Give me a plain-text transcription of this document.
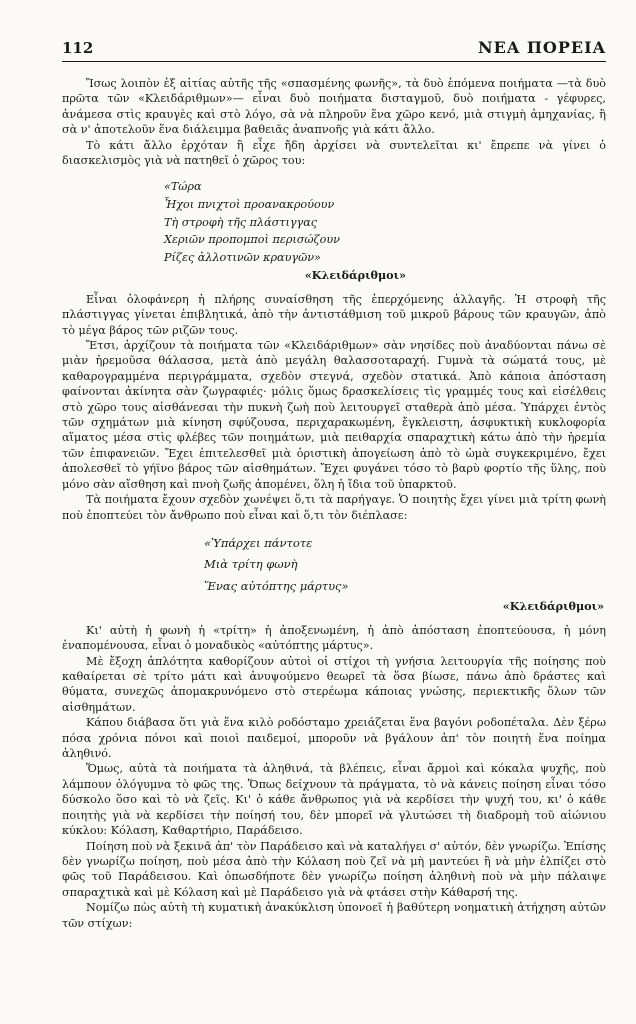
112	ΝΕΑ ΠΟΡΕΙΑ

Ἴσως λοιπὸν ἐξ αἰτίας αὐτῆς τῆς «σπασμένης φωνῆς», τὰ δυὸ ἑπόμενα ποιήματα —τὰ δυὸ πρῶτα τῶν «Κλειδάριθμων»— εἶναι δυὸ ποιήματα δισταγμοῦ, δυὸ ποιήματα - γέφυρες, ἀνάμεσα στὶς κραυγὲς καὶ στὸ λόγο, σὰ νὰ πληροῦν ἕνα χῶρο κενό, μιὰ στιγμὴ ἀμηχανίας, ἢ σὰ ν' ἀποτελοῦν ἕνα διάλειμμα βαθειᾶς ἀναπνοῆς γιὰ κάτι ἄλλο.

Τὸ κάτι ἄλλο ἐρχόταν ἢ εἶχε ἤδη ἀρχίσει νὰ συντελεῖται κι' ἔπρεπε νὰ γίνει ὁ διασκελισμὸς γιὰ νὰ πατηθεῖ ὁ χῶρος του:

«Τώρα
Ἦχοι πνιχτοὶ προανακρούουν
Τὴ στροφὴ τῆς πλάστιγγας
Χεριῶν προπομποὶ περισώζουν
Ρίζες ἀλλοτινῶν κραυγῶν»
«Κλειδάριθμοι»

Εἶναι ὁλοφάνερη ἡ πλήρης συναίσθηση τῆς ἐπερχόμενης ἀλλαγῆς. Ἡ στροφὴ τῆς πλάστιγγας γίνεται ἐπιβλητικά, ἀπὸ τὴν ἀντιστάθμιση τοῦ μικροῦ βάρους τῶν κραυγῶν, ἀπὸ τὸ μέγα βάρος τῶν ριζῶν τους.

Ἔτσι, ἀρχίζουν τὰ ποιήματα τῶν «Κλειδάριθμων» σὰν νησίδες ποὺ ἀναδύονται πάνω σὲ μιὰν ἠρεμοῦσα θάλασσα, μετὰ ἀπὸ μεγάλη θαλασσοταραχή. Γυμνὰ τὰ σώματά τους, μὲ καθαρογραμμένα περιγράμματα, σχεδὸν στεγνά, σχεδὸν στατικά. Ἀπὸ κάποια ἀπόσταση φαίνονται ἀκίνητα σὰν ζωγραφιές· μόλις ὅμως δρασκελίσεις τὶς γραμμές τους καὶ εἰσέλθεις στὸ χῶρο τους αἰσθάνεσαι τὴν πυκνὴ ζωὴ ποὺ λειτουργεῖ σταθερὰ ἀπὸ μέσα. Ὑπάρχει ἐντὸς τῶν σχημάτων μιὰ κίνηση σφύζουσα, περιχαρακωμένη, ἔγκλειστη, ἀσφυκτικὴ κυκλοφορία αἵματος μέσα στὶς φλέβες τῶν ποιημάτων, μιὰ πειθαρχία σπαραχτικὴ κάτω ἀπὸ τὴν ἠρεμία τῶν ἐπιφανειῶν. Ἔχει ἐπιτελεσθεῖ μιὰ ὁριστικὴ ἀπογείωση ἀπὸ τὸ ὠμὰ συγκεκριμένο, ἔχει ἀπολεσθεῖ τὸ γήϊνο βάρος τῶν αἰσθημάτων. Ἔχει φυγάνει τόσο τὸ βαρὺ φορτίο τῆς ὕλης, ποὺ μόνο σὰν αἴσθηση καὶ πνοὴ ζωῆς ἀπομένει, ὅλη ἡ ἴδια τοῦ ὑπαρκτοῦ.

Τὰ ποιήματα ἔχουν σχεδὸν χωνέψει ὅ,τι τὰ παρήγαγε. Ὁ ποιητὴς ἔχει γίνει μιὰ τρίτη φωνὴ ποὺ ἐποπτεύει τὸν ἄνθρωπο ποὺ εἶναι καὶ ὅ,τι τὸν διέπλασε:

«Ὑπάρχει πάντοτε
Μιὰ τρίτη φωνὴ
Ἕνας αὐτόπτης μάρτυς»
«Κλειδάριθμοι»

Κι' αὐτὴ ἡ φωνὴ ἡ «τρίτη» ἡ ἀποξενωμένη, ἡ ἀπὸ ἀπόσταση ἐποπτεύουσα, ἡ μόνη ἐναπομένουσα, εἶναι ὁ μοναδικὸς «αὐτόπτης μάρτυς».

Μὲ ἔξοχη ἁπλότητα καθορίζουν αὐτοὶ οἱ στίχοι τὴ γνήσια λειτουργία τῆς ποίησης ποὺ καθαίρεται σὲ τρίτο μάτι καὶ ἀνυψούμενο θεωρεῖ τὰ ὅσα βίωσε, πάνω ἀπὸ δράστες καὶ θύματα, συνεχῶς ἀπομακρυνόμενο στὸ στερέωμα κάποιας γνώσης, περιεκτικῆς ὅλων τῶν αἰσθημάτων.

Κάπου διάβασα ὅτι γιὰ ἕνα κιλὸ ροδόσταμο χρειάζεται ἕνα βαγόνι ροδοπέταλα. Δὲν ξέρω πόσα χρόνια πόνοι καὶ ποιοὶ παιδεμοί, μποροῦν νὰ βγάλουν ἀπ' τὸν ποιητὴ ἕνα ποίημα ἀληθινό.

Ὅμως, αὐτὰ τὰ ποιήματα τὰ ἀληθινά, τὰ βλέπεις, εἶναι ἄρμοὶ καὶ κόκαλα ψυχῆς, ποὺ λάμπουν ὁλόγυμνα τὸ φῶς της. Ὅπως δείχνουν τὰ πράγματα, τὸ νὰ κάνεις ποίηση εἶναι τόσο δύσκολο ὅσο καὶ τὸ νὰ ζεῖς. Κι' ὁ κάθε ἄνθρωπος γιὰ νὰ κερδίσει τὴν ψυχή του, κι' ὁ κάθε ποιητὴς γιὰ νὰ κερδίσει τὴν ποίησή του, δὲν μπορεῖ νὰ γλυτώσει τὴ διαδρομὴ τοῦ αἰώνιου κύκλου: Κόλαση, Καθαρτήριο, Παράδεισο.

Ποίηση ποὺ νὰ ξεκινᾶ ἀπ' τὸν Παράδεισο καὶ νὰ καταλήγει σ' αὐτόν, δὲν γνωρίζω. Ἐπίσης δὲν γνωρίζω ποίηση, ποὺ μέσα ἀπὸ τὴν Κόλαση ποὺ ζεῖ νὰ μὴ μαντεύει ἢ νὰ μὴν ἐλπίζει στὸ φῶς τοῦ Παράδεισου. Καὶ ὁπωσδήποτε δὲν γνωρίζω ποίηση ἀληθινὴ ποὺ νὰ μὴν πάλαιψε σπαραχτικὰ καὶ μὲ Κόλαση καὶ μὲ Παράδεισο γιὰ νὰ φτάσει στὴν Κάθαρσή της.

Νομίζω πὼς αὐτὴ τὴ κυματικὴ ἀνακύκλιση ὑπονοεῖ ἡ βαθύτερη νοηματικὴ ἀτήχηση αὐτῶν τῶν στίχων:
